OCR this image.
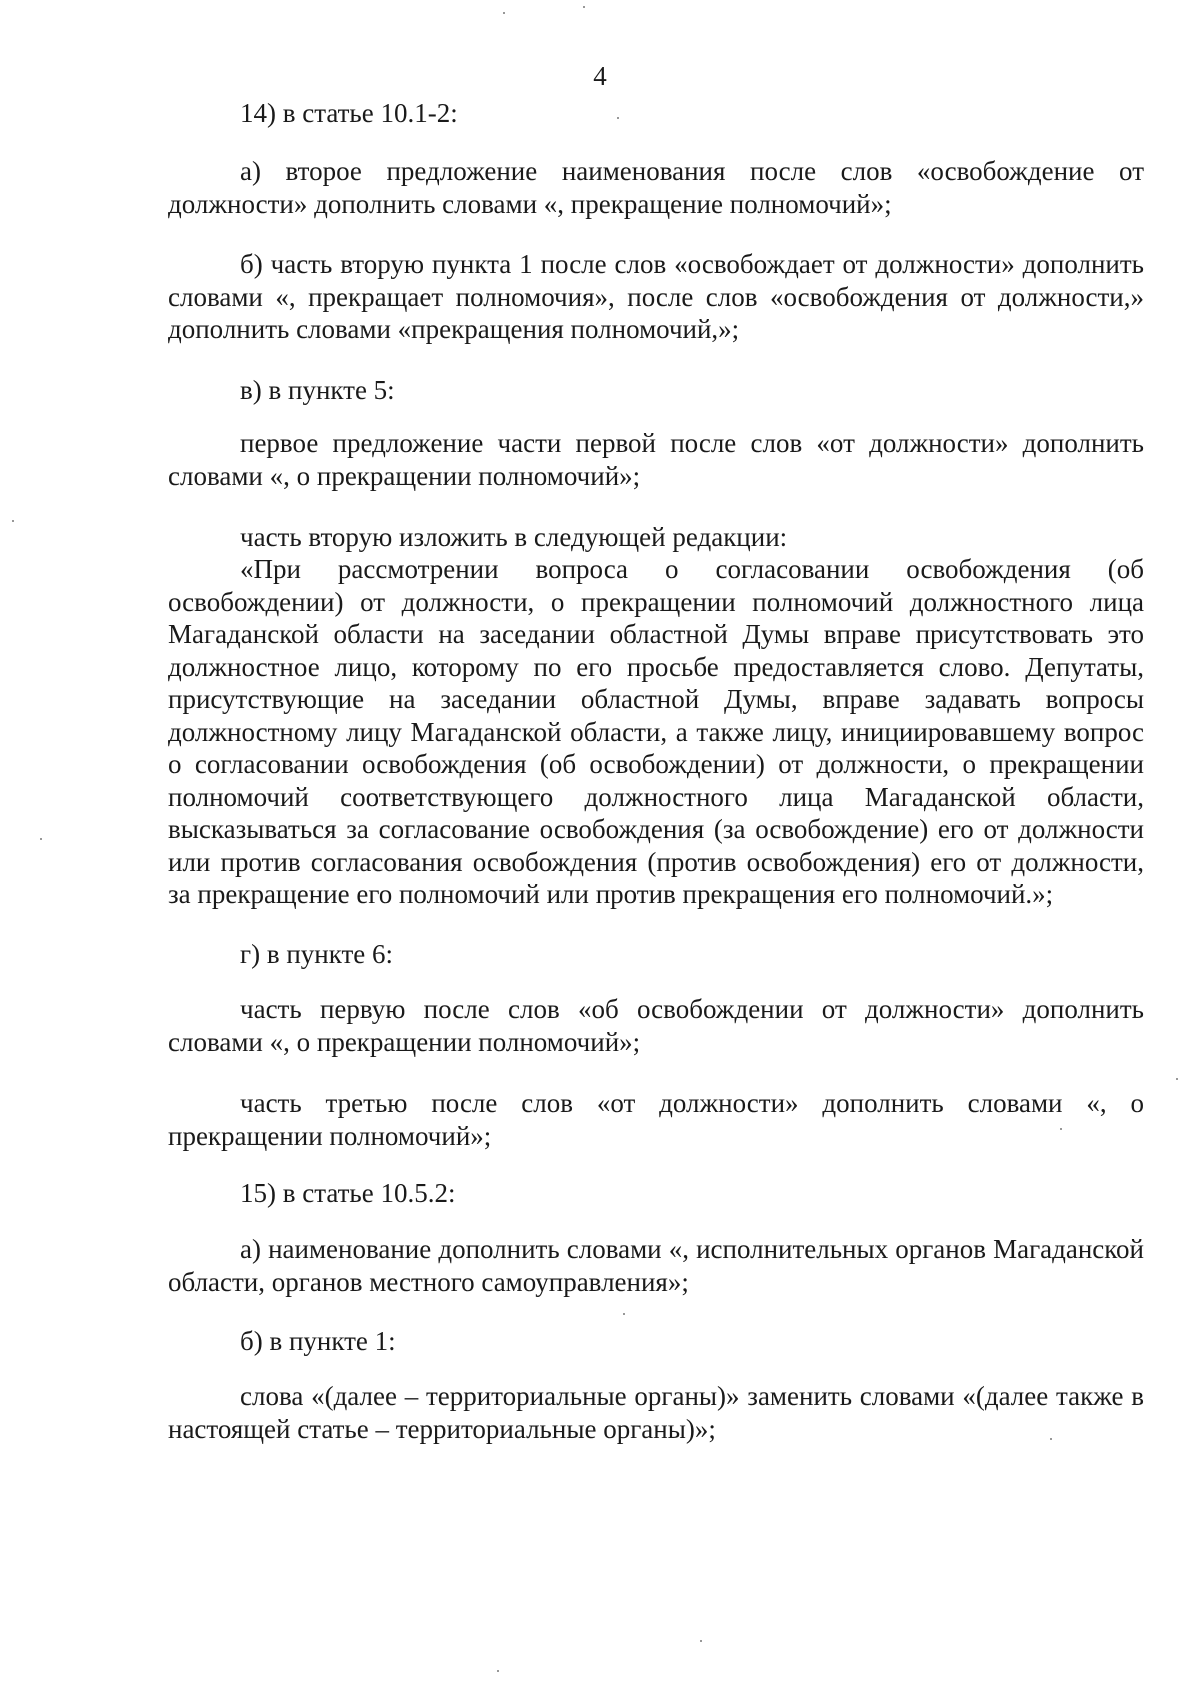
4

14) в статье 10.1-2:

а) второе предложение наименования после слов «освобождение от должности» дополнить словами «, прекращение полномочий»;

б) часть вторую пункта 1 после слов «освобождает от должности» дополнить словами «, прекращает полномочия», после слов «освобождения от должности,» дополнить словами «прекращения полномочий,»;

в) в пункте 5:

первое предложение части первой после слов «от должности» дополнить словами «, о прекращении полномочий»;

часть вторую изложить в следующей редакции:

«При рассмотрении вопроса о согласовании освобождения (об освобождении) от должности, о прекращении полномочий должностного лица Магаданской области на заседании областной Думы вправе присутствовать это должностное лицо, которому по его просьбе предоставляется слово. Депутаты, присутствующие на заседании областной Думы, вправе задавать вопросы должностному лицу Магаданской области, а также лицу, инициировавшему вопрос о согласовании освобождения (об освобождении) от должности, о прекращении полномочий соответствующего должностного лица Магаданской области, высказываться за согласование освобождения (за освобождение) его от должности или против согласования освобождения (против освобождения) его от должности, за прекращение его полномочий или против прекращения его полномочий.»;

г) в пункте 6:

часть первую после слов «об освобождении от должности» дополнить словами «, о прекращении полномочий»;

часть третью после слов «от должности» дополнить словами «, о прекращении полномочий»;

15) в статье 10.5.2:

а) наименование дополнить словами «, исполнительных органов Магаданской области, органов местного самоуправления»;

б) в пункте 1:

слова «(далее – территориальные органы)» заменить словами «(далее также в настоящей статье – территориальные органы)»;
